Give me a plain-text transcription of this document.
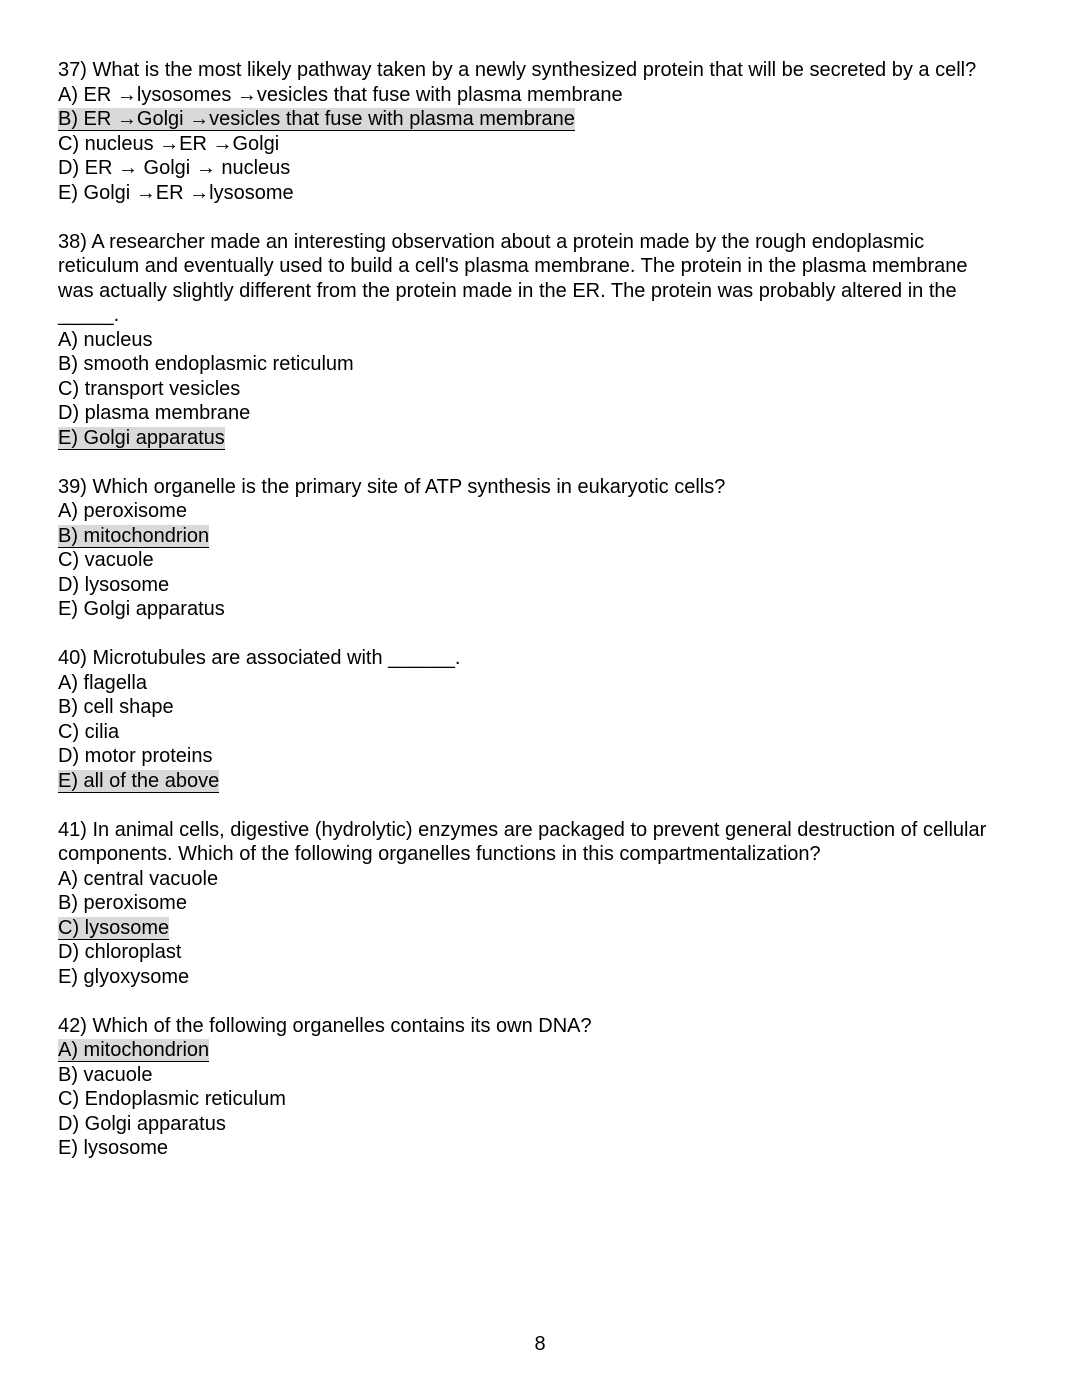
37) What is the most likely pathway taken by a newly synthesized protein that will be secreted by a cell?

A) ER →lysosomes →vesicles that fuse with plasma membrane
B) ER →Golgi →vesicles that fuse with plasma membrane
C) nucleus →ER →Golgi
D) ER → Golgi → nucleus
E) Golgi →ER →lysosome

38) A researcher made an interesting observation about a protein made by the rough endoplasmic reticulum and eventually used to build a cell's plasma membrane. The protein in the plasma membrane was actually slightly different from the protein made in the ER. The protein was probably altered in the _____.

A) nucleus
B) smooth endoplasmic reticulum
C) transport vesicles
D) plasma membrane
E) Golgi apparatus

39) Which organelle is the primary site of ATP synthesis in eukaryotic cells?

A) peroxisome
B) mitochondrion
C) vacuole
D) lysosome
E) Golgi apparatus

40) Microtubules are associated with ______.

A) flagella
B) cell shape
C) cilia
D) motor proteins
E) all of the above

41) In animal cells, digestive (hydrolytic) enzymes are packaged to prevent general destruction of cellular components. Which of the following organelles functions in this compartmentalization?

A) central vacuole
B) peroxisome
C) lysosome
D) chloroplast
E) glyoxysome

42) Which of the following organelles contains its own DNA?

A) mitochondrion
B) vacuole
C) Endoplasmic reticulum
D) Golgi apparatus
E) lysosome
8
